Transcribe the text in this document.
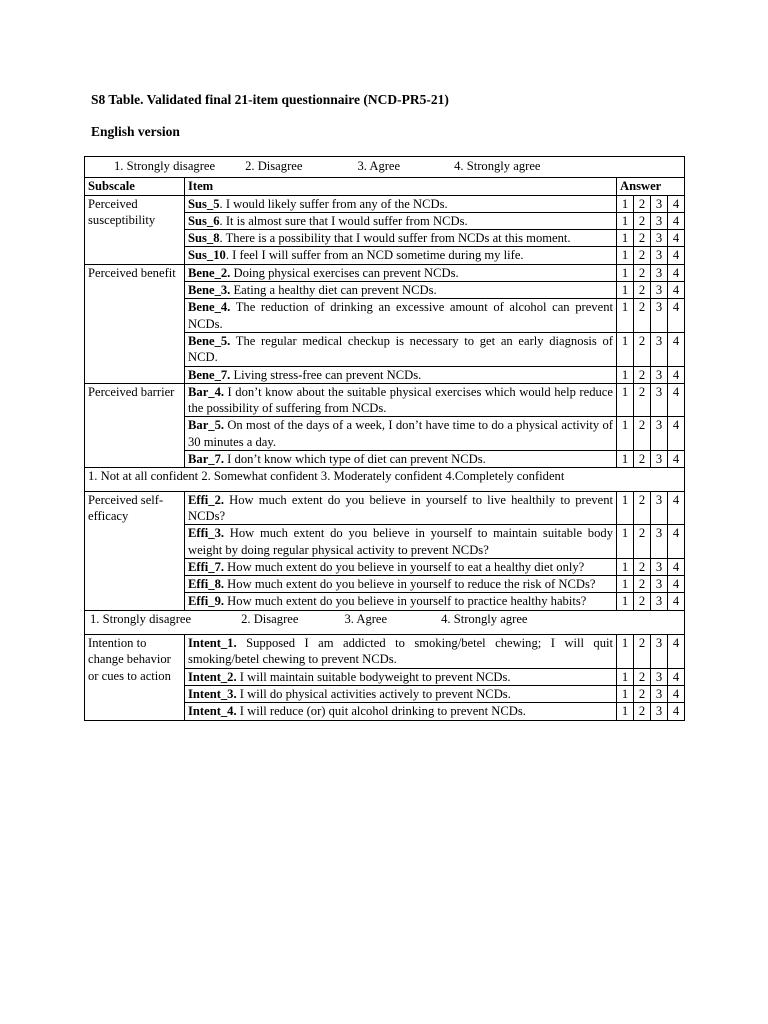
S8 Table. Validated final 21-item questionnaire (NCD-PR5-21)

English version

1. Strongly disagree 2. Disagree 3. Agree 4. Strongly agree					

Subscale	Item	Answer			
Perceived susceptibility	Sus_5. I would likely suffer from any of the NCDs.	1	2	3	4
	Sus_6. It is almost sure that I would suffer from NCDs.	1	2	3	4
	Sus_8. There is a possibility that I would suffer from NCDs at this moment.	1	2	3	4
	Sus_10. I feel I will suffer from an NCD sometime during my life.	1	2	3	4
Perceived benefit	Bene_2. Doing physical exercises can prevent NCDs.	1	2	3	4
	Bene_3. Eating a healthy diet can prevent NCDs.	1	2	3	4
	Bene_4. The reduction of drinking an excessive amount of alcohol can prevent NCDs.	1	2	3	4
	Bene_5. The regular medical checkup is necessary to get an early diagnosis of NCD.	1	2	3	4
	Bene_7. Living stress-free can prevent NCDs.	1	2	3	4
Perceived barrier	Bar_4. I don’t know about the suitable physical exercises which would help reduce the possibility of suffering from NCDs.	1	2	3	4
	Bar_5. On most of the days of a week, I don’t have time to do a physical activity of 30 minutes a day.	1	2	3	4
	Bar_7. I don’t know which type of diet can prevent NCDs.	1	2	3	4
1. Not at all confident 2. Somewhat confident 3. Moderately confident 4.Completely confident					
Perceived self-efficacy	Effi_2. How much extent do you believe in yourself to live healthily to prevent NCDs?	1	2	3	4
	Effi_3. How much extent do you believe in yourself to maintain suitable body weight by doing regular physical activity to prevent NCDs?	1	2	3	4
	Effi_7. How much extent do you believe in yourself to eat a healthy diet only?	1	2	3	4
	Effi_8. How much extent do you believe in yourself to reduce the risk of NCDs?	1	2	3	4
	Effi_9. How much extent do you believe in yourself to practice healthy habits?	1	2	3	4

1. Strongly disagree 2. Disagree 3. Agree 4. Strongly agree					

Intention to change behavior or cues to action	Intent_1. Supposed I am addicted to smoking/betel chewing; I will quit smoking/betel chewing to prevent NCDs.	1	2	3	4
	Intent_2. I will maintain suitable bodyweight to prevent NCDs.	1	2	3	4
	Intent_3. I will do physical activities actively to prevent NCDs.	1	2	3	4
	Intent_4. I will reduce (or) quit alcohol drinking to prevent NCDs.	1	2	3	4
